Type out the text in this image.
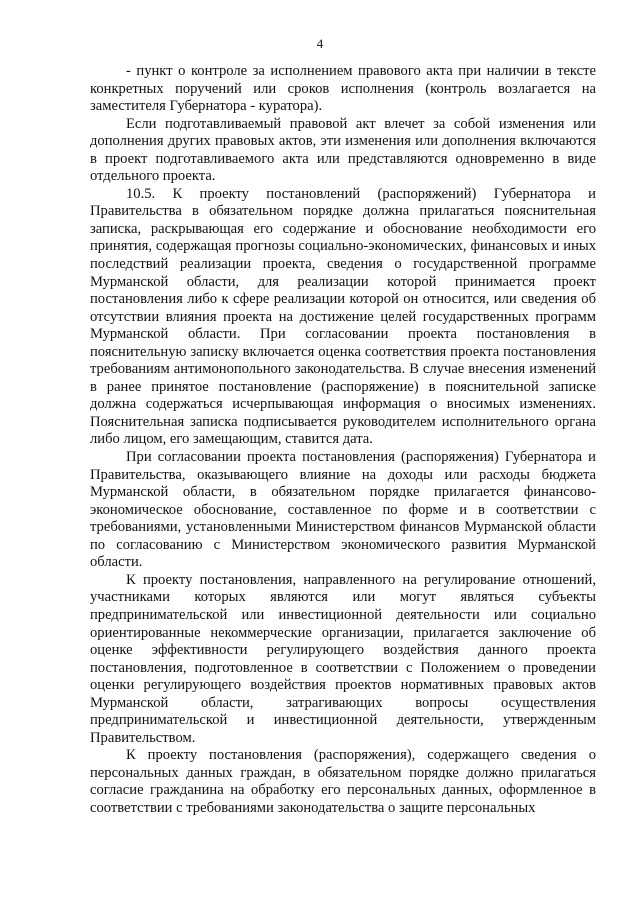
4

- пункт о контроле за исполнением правового акта при наличии в тексте конкретных поручений или сроков исполнения (контроль возлагается на заместителя Губернатора - куратора).

Если подготавливаемый правовой акт влечет за собой изменения или дополнения других правовых актов, эти изменения или дополнения включаются в проект подготавливаемого акта или представляются одновременно в виде отдельного проекта.

10.5. К проекту постановлений (распоряжений) Губернатора и Правительства в обязательном порядке должна прилагаться пояснительная записка, раскрывающая его содержание и обоснование необходимости его принятия, содержащая прогнозы социально-экономических, финансовых и иных последствий реализации проекта, сведения о государственной программе Мурманской области, для реализации которой принимается проект постановления либо к сфере реализации которой он относится, или сведения об отсутствии влияния проекта на достижение целей государственных программ Мурманской области. При согласовании проекта постановления в пояснительную записку включается оценка соответствия проекта постановления требованиям антимонопольного законодательства. В случае внесения изменений в ранее принятое постановление (распоряжение) в пояснительной записке должна содержаться исчерпывающая информация о вносимых изменениях. Пояснительная записка подписывается руководителем исполнительного органа либо лицом, его замещающим, ставится дата.

При согласовании проекта постановления (распоряжения) Губернатора и Правительства, оказывающего влияние на доходы или расходы бюджета Мурманской области, в обязательном порядке прилагается финансово-экономическое обоснование, составленное по форме и в соответствии с требованиями, установленными Министерством финансов Мурманской области по согласованию с Министерством экономического развития Мурманской области.

К проекту постановления, направленного на регулирование отношений, участниками которых являются или могут являться субъекты предпринимательской или инвестиционной деятельности или социально ориентированные некоммерческие организации, прилагается заключение об оценке эффективности регулирующего воздействия данного проекта постановления, подготовленное в соответствии с Положением о проведении оценки регулирующего воздействия проектов нормативных правовых актов Мурманской области, затрагивающих вопросы осуществления предпринимательской и инвестиционной деятельности, утвержденным Правительством.

К проекту постановления (распоряжения), содержащего сведения о персональных данных граждан, в обязательном порядке должно прилагаться согласие гражданина на обработку его персональных данных, оформленное в соответствии с требованиями законодательства о защите персональных
